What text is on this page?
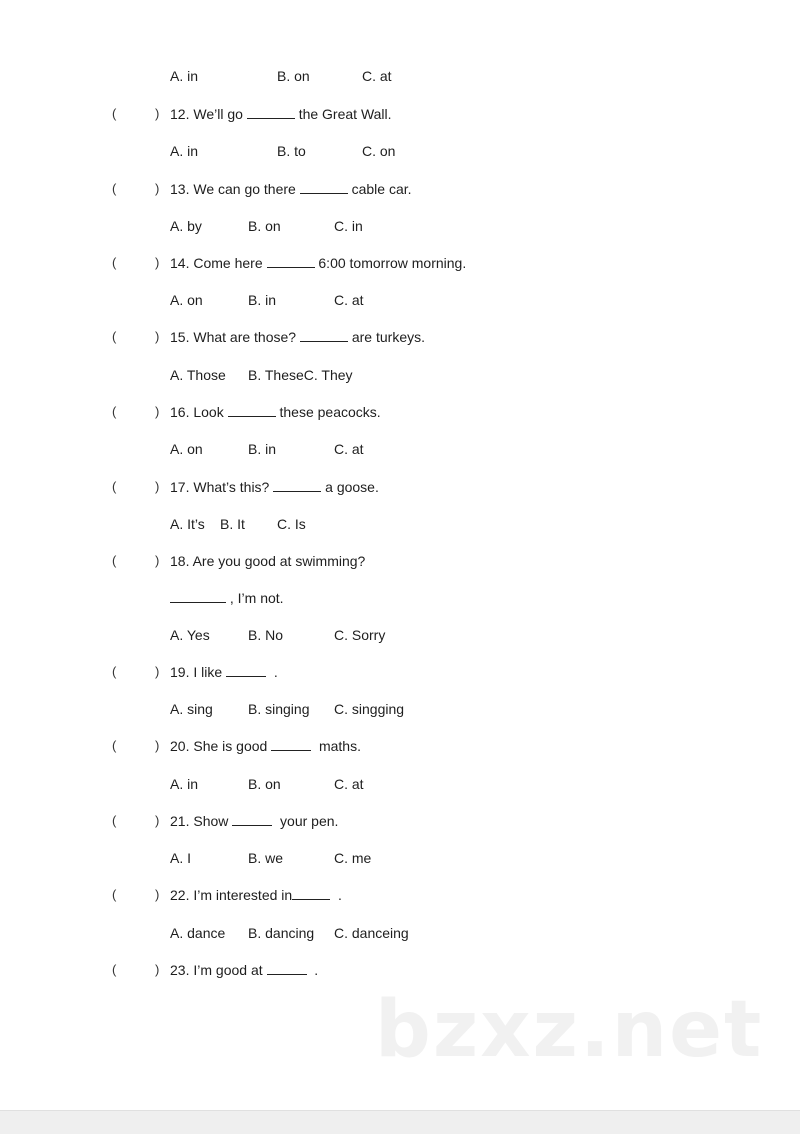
A. in	B. on	C. at
(	) 12. We’ll go	the Great Wall.
A. in	B. to	C. on
(	) 13. We can go there	cable car.
A. by	B. on	C. in
(	) 14. Come here	6:00 tomorrow morning.
A. on	B. in	C. at
(	) 15. What are those?	are turkeys.
A. Those B. TheseC. They
(	) 16. Look	these peacocks.
A. on	B. in	C. at
(	) 17. What’s this?	a goose.
A. It’s B. It C. Is
(	) 18. Are you good at swimming?
, I’m not.
A. Yes	B. No	C. Sorry
(	) 19. I like	.
A. sing	B. singing C. singging
(	) 20. She is good	maths.
A. in	B. on	C. at
(	) 21. Show	your pen.
A. I	B. we	C. me
(	) 22. I’m interested in	.
A. dance B. dancing C. danceing
(	) 23. I’m good at	.
bzxz.net
